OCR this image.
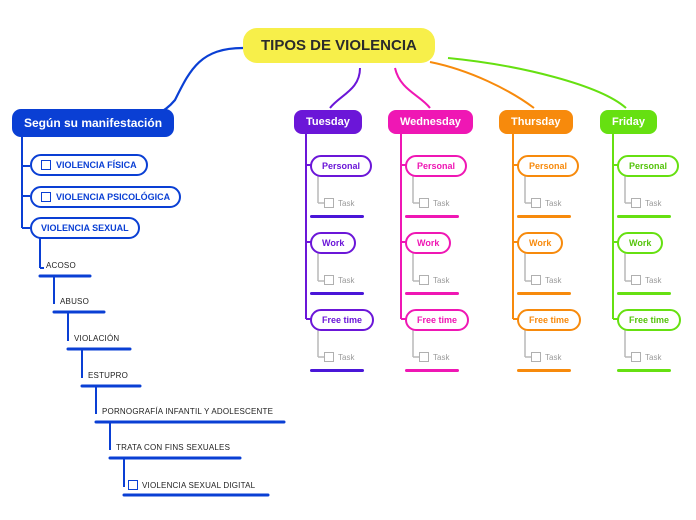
TIPOS DE VIOLENCIA
Según su manifestación
VIOLENCIA FÍSICA
VIOLENCIA PSICOLÓGICA
VIOLENCIA SEXUAL
ACOSO
ABUSO
VIOLACIÓN
ESTUPRO
PORNOGRAFÍA INFANTIL Y ADOLESCENTE
TRATA CON FINS SEXUALES
VIOLENCIA SEXUAL DIGITAL
Tuesday
Personal
Task
Work
Task
Free time
Task
Wednesday
Personal
Task
Work
Task
Free time
Task
Thursday
Personal
Task
Work
Task
Free time
Task
Friday
Personal
Task
Work
Task
Free time
Task
